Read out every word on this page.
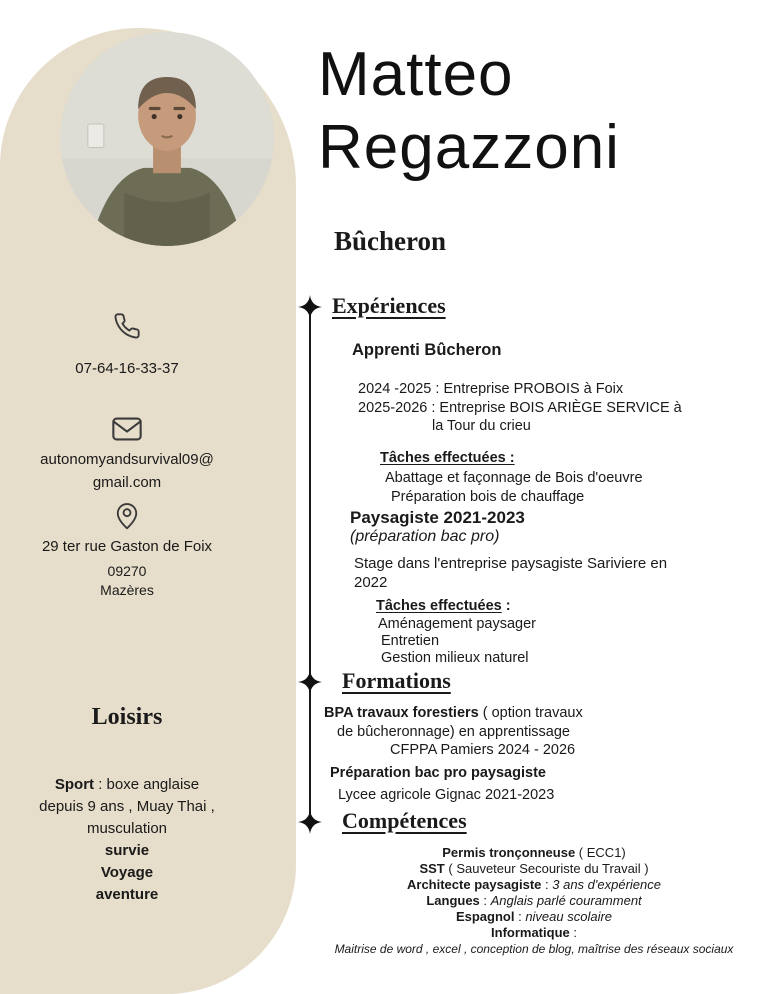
07-64-16-33-37
autonomyandsurvival09@
gmail.com
29 ter rue Gaston de Foix
09270
Mazères
Loisirs
Sport : boxe anglaise
depuis 9 ans , Muay Thai ,
musculation
survie
Voyage
aventure
Matteo
Regazzoni
Bûcheron
Expériences
Apprenti Bûcheron
2024 -2025 : Entreprise PROBOIS à Foix
2025-2026 : Entreprise BOIS ARIÈGE SERVICE à
la Tour du crieu
Tâches effectuées :
Abattage et façonnage de Bois d'oeuvre
Préparation bois de chauffage
Paysagiste 2021-2023
(préparation bac pro)
Stage dans l'entreprise paysagiste Sariviere en
2022
Tâches effectuées :
Aménagement paysager
Entretien
Gestion milieux naturel
Formations
BPA travaux forestiers ( option travaux
de bûcheronnage) en apprentissage
CFPPA Pamiers 2024 - 2026
Préparation bac pro paysagiste
Lycee agricole Gignac 2021-2023
Compétences
Permis tronçonneuse ( ECC1)
SST ( Sauveteur Secouriste du Travail )
Architecte paysagiste : 3 ans d'expérience
Langues : Anglais parlé couramment
Espagnol : niveau scolaire
Informatique :
Maitrise de word , excel , conception de blog, maîtrise des réseaux sociaux
